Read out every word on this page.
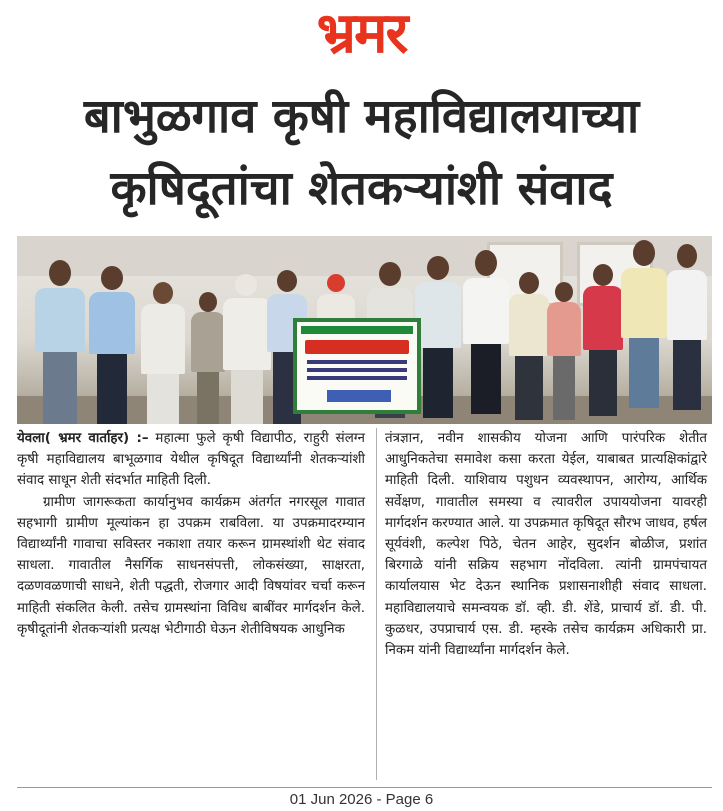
भ्रमर
बाभुळगाव कृषी महाविद्यालयाच्या
कृषिदूतांचा शेतकऱ्यांशी संवाद

येवला( भ्रमर वार्ताहर) :– महात्मा फुले कृषी विद्यापीठ, राहुरी संलग्न कृषी महाविद्यालय बाभूळगाव येथील कृषिदूत विद्यार्थ्यांनी शेतकऱ्यांशी संवाद साधून शेती संदर्भात माहिती दिली.

ग्रामीण जागरूकता कार्यानुभव कार्यक्रम अंतर्गत नगरसूल गावात सहभागी ग्रामीण मूल्यांकन हा उपक्रम राबविला. या उपक्रमादरम्यान विद्यार्थ्यांनी गावाचा सविस्तर नकाशा तयार करून ग्रामस्थांशी थेट संवाद साधला. गावातील नैसर्गिक साधनसंपत्ती, लोकसंख्या, साक्षरता, दळणवळणाची साधने, शेती पद्धती, रोजगार आदी विषयांवर चर्चा करून माहिती संकलित केली. तसेच ग्रामस्थांना विविध बाबींवर मार्गदर्शन केले. कृषीदूतांनी शेतकऱ्यांशी प्रत्यक्ष भेटीगाठी घेऊन शेतीविषयक आधुनिक

तंत्रज्ञान, नवीन शासकीय योजना आणि पारंपरिक शेतीत आधुनिकतेचा समावेश कसा करता येईल, याबाबत प्रात्यक्षिकांद्वारे माहिती दिली. याशिवाय पशुधन व्यवस्थापन, आरोग्य, आर्थिक सर्वेक्षण, गावातील समस्या व त्यावरील उपाययोजना यावरही मार्गदर्शन करण्यात आले. या उपक्रमात कृषिदूत सौरभ जाधव, हर्षल सूर्यवंशी, कल्पेश पिठे, चेतन आहेर, सुदर्शन बोळीज, प्रशांत बिरगाळे यांनी सक्रिय सहभाग नोंदविला. त्यांनी ग्रामपंचायत कार्यालयास भेट देऊन स्थानिक प्रशासनाशीही संवाद साधला. महाविद्यालयाचे समन्वयक डॉ. व्ही. डी. शेंडे, प्राचार्य डॉ. डी. पी. कुळधर, उपप्राचार्य एस. डी. म्हस्के तसेच कार्यक्रम अधिकारी प्रा. निकम यांनी विद्यार्थ्यांना मार्गदर्शन केले.

01 Jun 2026 - Page 6
